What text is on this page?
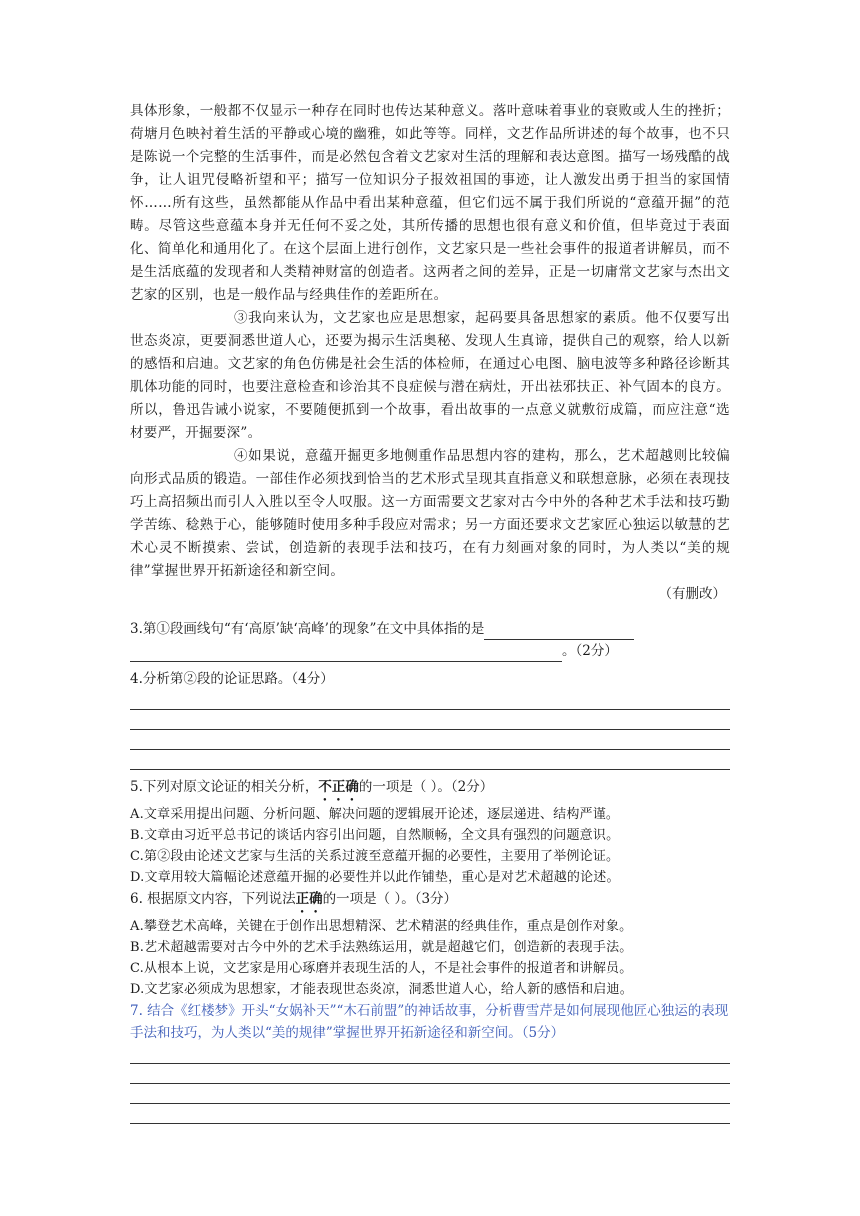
具体形象，一般都不仅显示一种存在同时也传达某种意义。落叶意味着事业的衰败或人生的挫折；荷塘月色映衬着生活的平静或心境的幽雅，如此等等。同样，文艺作品所讲述的每个故事，也不只是陈说一个完整的生活事件，而是必然包含着文艺家对生活的理解和表达意图。描写一场残酷的战争，让人诅咒侵略祈望和平；描写一位知识分子报效祖国的事迹，让人激发出勇于担当的家国情怀……所有这些，虽然都能从作品中看出某种意蕴，但它们远不属于我们所说的“意蕴开掘”的范畴。尽管这些意蕴本身并无任何不妥之处，其所传播的思想也很有意义和价值，但毕竟过于表面化、简单化和通用化了。在这个层面上进行创作，文艺家只是一些社会事件的报道者讲解员，而不是生活底蕴的发现者和人类精神财富的创造者。这两者之间的差异，正是一切庸常文艺家与杰出文艺家的区别，也是一般作品与经典佳作的差距所在。

③我向来认为，文艺家也应是思想家，起码要具备思想家的素质。他不仅要写出世态炎凉，更要洞悉世道人心，还要为揭示生活奥秘、发现人生真谛，提供自己的观察，给人以新的感悟和启迪。文艺家的角色仿佛是社会生活的体检师，在通过心电图、脑电波等多种路径诊断其肌体功能的同时，也要注意检查和诊治其不良症候与潜在病灶，开出祛邪扶正、补气固本的良方。所以，鲁迅告诫小说家，不要随便抓到一个故事，看出故事的一点意义就敷衍成篇，而应注意“选材要严，开掘要深”。

④如果说，意蕴开掘更多地侧重作品思想内容的建构，那么，艺术超越则比较偏向形式品质的锻造。一部佳作必须找到恰当的艺术形式呈现其直指意义和联想意脉，必须在表现技巧上高招频出而引人入胜以至令人叹服。这一方面需要文艺家对古今中外的各种艺术手法和技巧勤学苦练、稔熟于心，能够随时使用多种手段应对需求；另一方面还要求文艺家匠心独运以敏慧的艺术心灵不断摸索、尝试，创造新的表现手法和技巧，在有力刻画对象的同时，为人类以“美的规律”掌握世界开拓新途径和新空间。

（有删改）

3.第①段画线句“有‘高原’缺‘高峰’的现象”在文中具体指的是

。（2分）

4.分析第②段的论证思路。（4分）

5.下列对原文论证的相关分析，不正确的一项是（ ）。（2分）

A.文章采用提出问题、分析问题、解决问题的逻辑展开论述，逐层递进、结构严谨。

B.文章由习近平总书记的谈话内容引出问题，自然顺畅，全文具有强烈的问题意识。

C.第②段由论述文艺家与生活的关系过渡至意蕴开掘的必要性，主要用了举例论证。

D.文章用较大篇幅论述意蕴开掘的必要性并以此作铺垫，重心是对艺术超越的论述。

6. 根据原文内容，下列说法正确的一项是（ ）。（3分）

A.攀登艺术高峰，关键在于创作出思想精深、艺术精湛的经典佳作，重点是创作对象。

B.艺术超越需要对古今中外的艺术手法熟练运用，就是超越它们，创造新的表现手法。

C.从根本上说，文艺家是用心琢磨并表现生活的人，不是社会事件的报道者和讲解员。

D.文艺家必须成为思想家，才能表现世态炎凉，洞悉世道人心，给人新的感悟和启迪。

7. 结合《红楼梦》开头“女娲补天”“木石前盟”的神话故事，分析曹雪芹是如何展现他匠心独运的表现手法和技巧，为人类以“美的规律”掌握世界开拓新途径和新空间。（5分）
